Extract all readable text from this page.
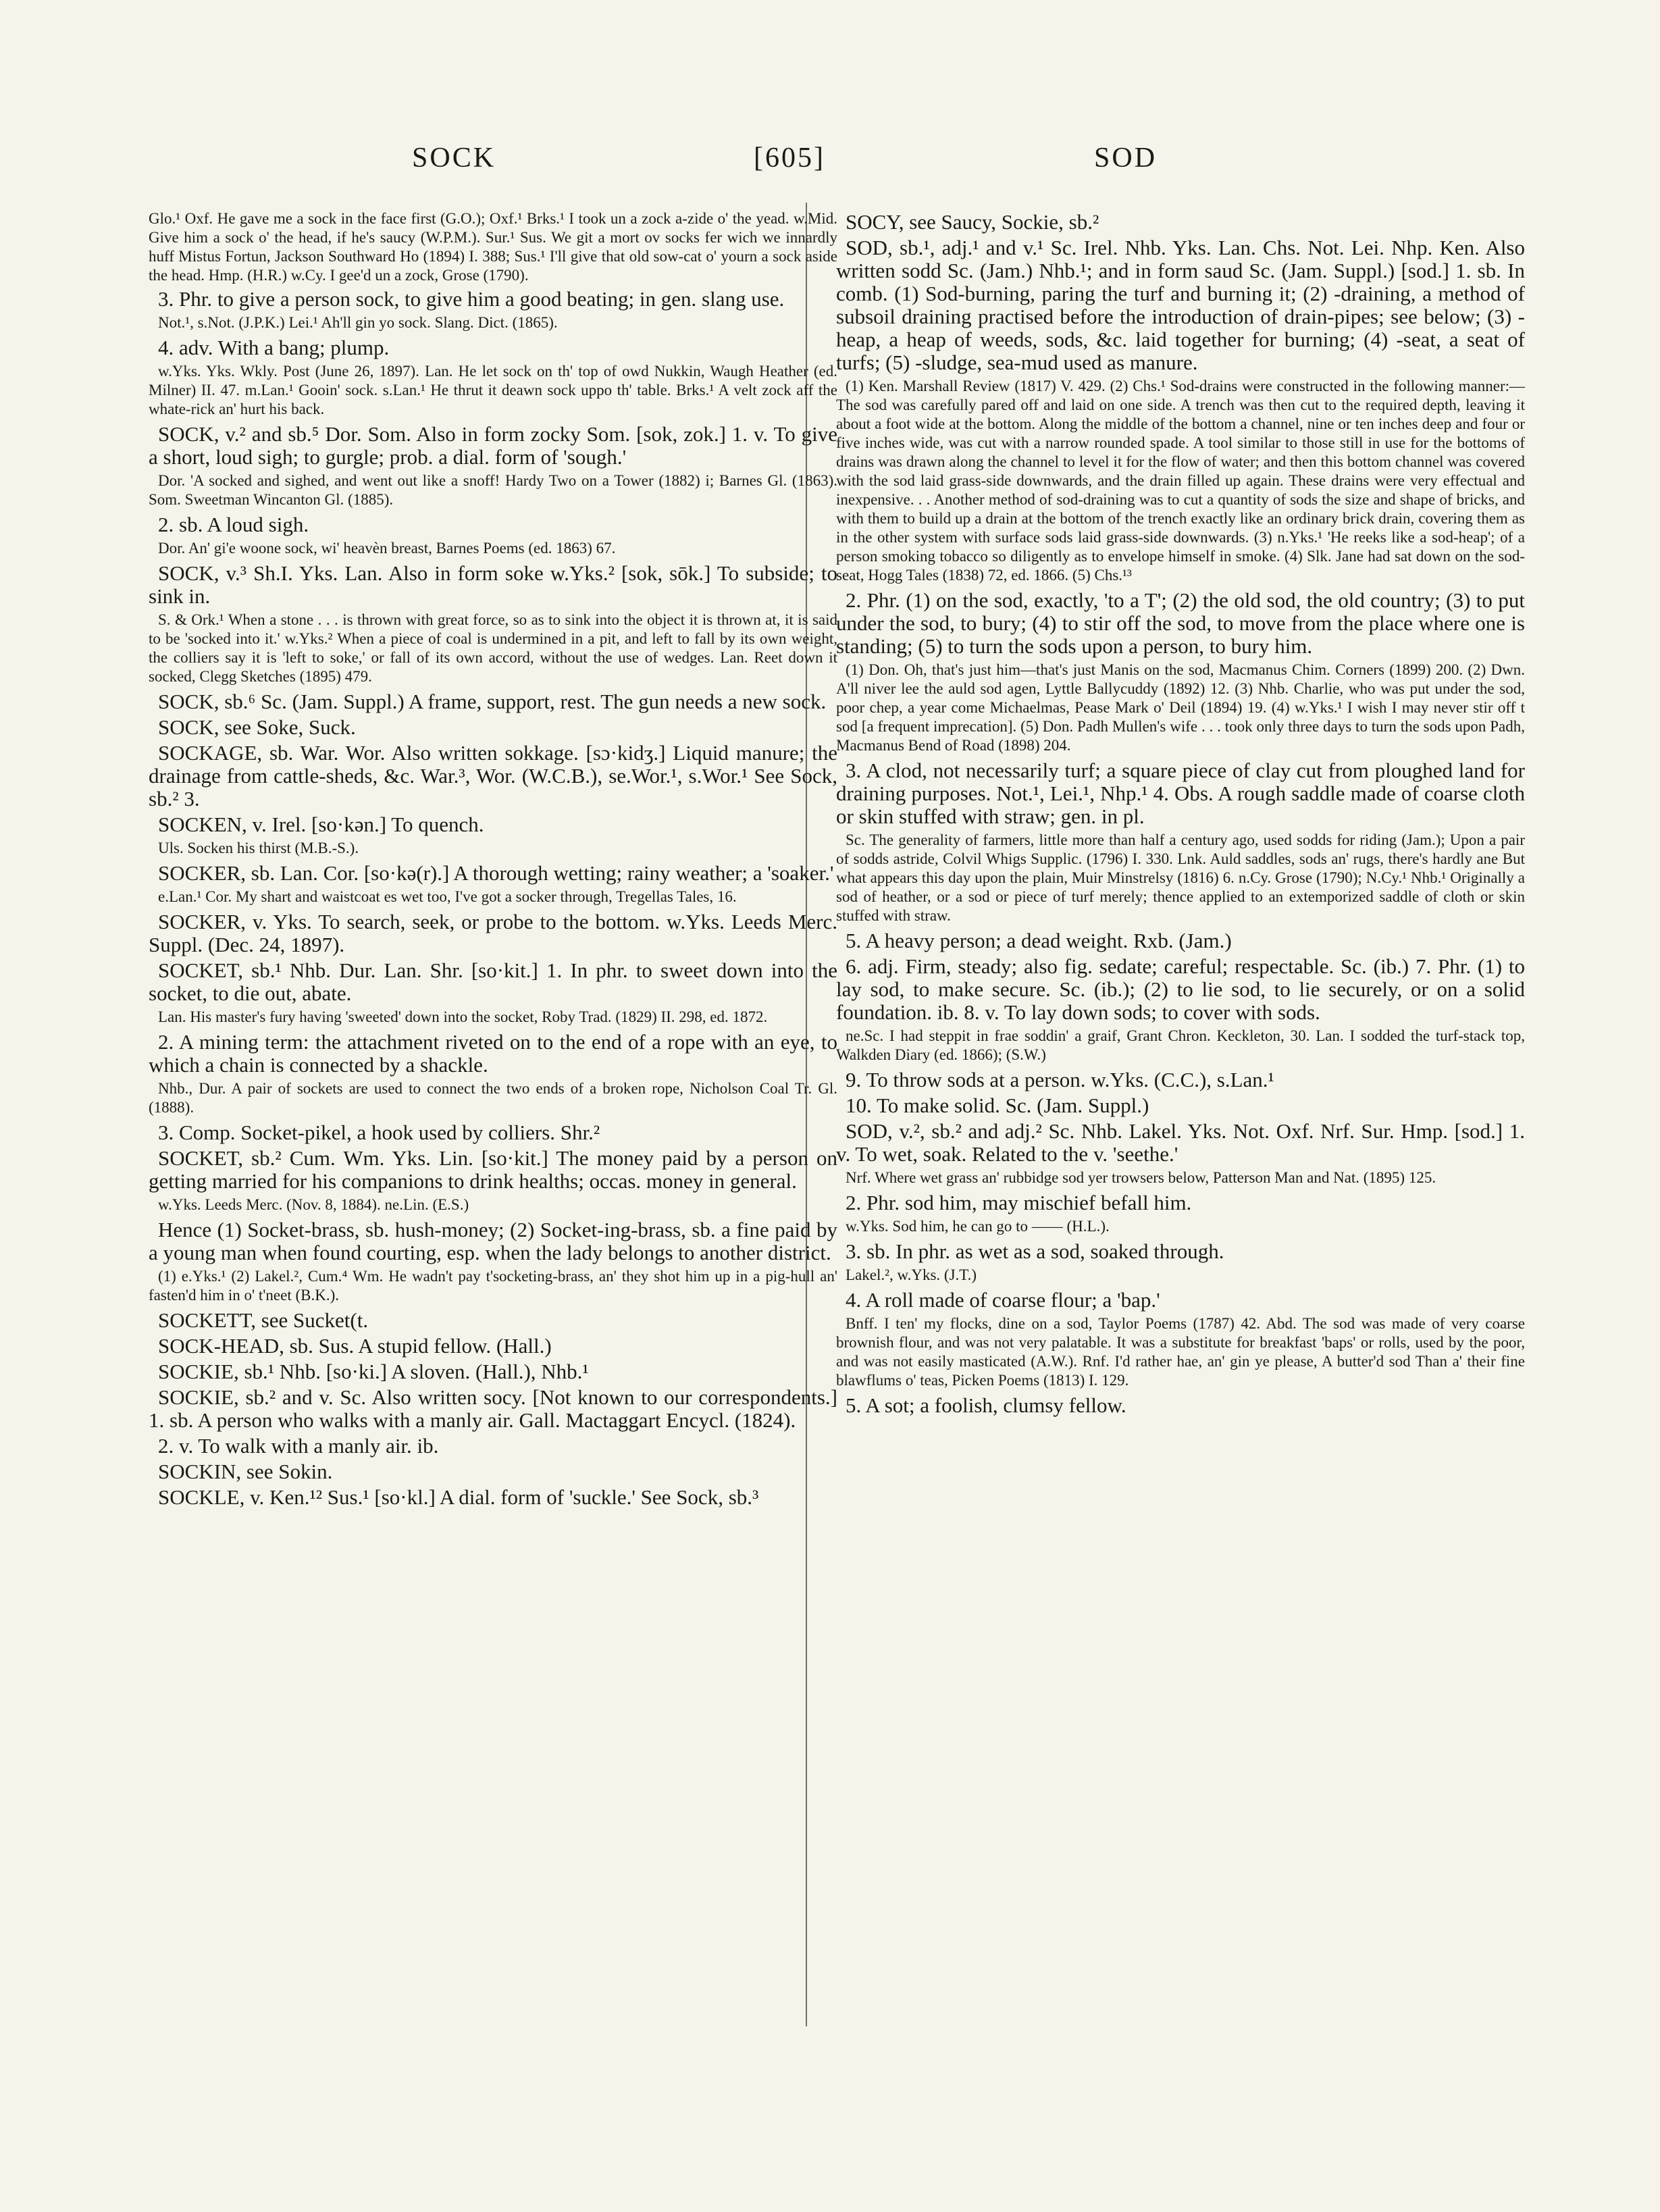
SOCK	[605]	SOD

Glo.¹ Oxf. He gave me a sock in the face first (G.O.); Oxf.¹ Brks.¹ I took un a zock a-zide o' the yead. w.Mid. Give him a sock o' the head, if he's saucy (W.P.M.). Sur.¹ Sus. We git a mort ov socks fer wich we innardly huff Mistus Fortun, Jackson Southward Ho (1894) I. 388; Sus.¹ I'll give that old sow-cat o' yourn a sock aside the head. Hmp. (H.R.) w.Cy. I gee'd un a zock, Grose (1790).

3. Phr. to give a person sock, to give him a good beating; in gen. slang use.

Not.¹, s.Not. (J.P.K.) Lei.¹ Ah'll gin yo sock. Slang. Dict. (1865).

4. adv. With a bang; plump.

w.Yks. Yks. Wkly. Post (June 26, 1897). Lan. He let sock on th' top of owd Nukkin, Waugh Heather (ed. Milner) II. 47. m.Lan.¹ Gooin' sock. s.Lan.¹ He thrut it deawn sock uppo th' table. Brks.¹ A velt zock aff the whate-rick an' hurt his back.

SOCK, v.² and sb.⁵ Dor. Som. Also in form zocky Som. [sok, zok.] 1. v. To give a short, loud sigh; to gurgle; prob. a dial. form of 'sough.'

Dor. 'A socked and sighed, and went out like a snoff! Hardy Two on a Tower (1882) i; Barnes Gl. (1863). Som. Sweetman Wincanton Gl. (1885).

2. sb. A loud sigh.

Dor. An' gi'e woone sock, wi' heavèn breast, Barnes Poems (ed. 1863) 67.

SOCK, v.³ Sh.I. Yks. Lan. Also in form soke w.Yks.² [sok, sōk.] To subside; to sink in.

S. & Ork.¹ When a stone . . . is thrown with great force, so as to sink into the object it is thrown at, it is said to be 'socked into it.' w.Yks.² When a piece of coal is undermined in a pit, and left to fall by its own weight, the colliers say it is 'left to soke,' or fall of its own accord, without the use of wedges. Lan. Reet down it socked, Clegg Sketches (1895) 479.

SOCK, sb.⁶ Sc. (Jam. Suppl.) A frame, support, rest. The gun needs a new sock.

SOCK, see Soke, Suck.

SOCKAGE, sb. War. Wor. Also written sokkage. [sɔ·kidʒ.] Liquid manure; the drainage from cattle-sheds, &c. War.³, Wor. (W.C.B.), se.Wor.¹, s.Wor.¹ See Sock, sb.² 3.

SOCKEN, v. Irel. [so·kən.] To quench.

Uls. Socken his thirst (M.B.-S.).

SOCKER, sb. Lan. Cor. [so·kə(r).] A thorough wetting; rainy weather; a 'soaker.'

e.Lan.¹ Cor. My shart and waistcoat es wet too, I've got a socker through, Tregellas Tales, 16.

SOCKER, v. Yks. To search, seek, or probe to the bottom. w.Yks. Leeds Merc. Suppl. (Dec. 24, 1897).

SOCKET, sb.¹ Nhb. Dur. Lan. Shr. [so·kit.] 1. In phr. to sweet down into the socket, to die out, abate.

Lan. His master's fury having 'sweeted' down into the socket, Roby Trad. (1829) II. 298, ed. 1872.

2. A mining term: the attachment riveted on to the end of a rope with an eye, to which a chain is connected by a shackle.

Nhb., Dur. A pair of sockets are used to connect the two ends of a broken rope, Nicholson Coal Tr. Gl. (1888).

3. Comp. Socket-pikel, a hook used by colliers. Shr.²

SOCKET, sb.² Cum. Wm. Yks. Lin. [so·kit.] The money paid by a person on getting married for his companions to drink healths; occas. money in general.

w.Yks. Leeds Merc. (Nov. 8, 1884). ne.Lin. (E.S.)

Hence (1) Socket-brass, sb. hush-money; (2) Socket-ing-brass, sb. a fine paid by a young man when found courting, esp. when the lady belongs to another district.

(1) e.Yks.¹ (2) Lakel.², Cum.⁴ Wm. He wadn't pay t'socketing-brass, an' they shot him up in a pig-hull an' fasten'd him in o' t'neet (B.K.).

SOCKETT, see Sucket(t.

SOCK-HEAD, sb. Sus. A stupid fellow. (Hall.)

SOCKIE, sb.¹ Nhb. [so·ki.] A sloven. (Hall.), Nhb.¹

SOCKIE, sb.² and v. Sc. Also written socy. [Not known to our correspondents.] 1. sb. A person who walks with a manly air. Gall. Mactaggart Encycl. (1824).

2. v. To walk with a manly air. ib.

SOCKIN, see Sokin.

SOCKLE, v. Ken.¹² Sus.¹ [so·kl.] A dial. form of 'suckle.' See Sock, sb.³

SOCY, see Saucy, Sockie, sb.²

SOD, sb.¹, adj.¹ and v.¹ Sc. Irel. Nhb. Yks. Lan. Chs. Not. Lei. Nhp. Ken. Also written sodd Sc. (Jam.) Nhb.¹; and in form saud Sc. (Jam. Suppl.) [sod.] 1. sb. In comb. (1) Sod-burning, paring the turf and burning it; (2) -draining, a method of subsoil draining practised before the introduction of drain-pipes; see below; (3) -heap, a heap of weeds, sods, &c. laid together for burning; (4) -seat, a seat of turfs; (5) -sludge, sea-mud used as manure.

(1) Ken. Marshall Review (1817) V. 429. (2) Chs.¹ Sod-drains were constructed in the following manner:—The sod was carefully pared off and laid on one side. A trench was then cut to the required depth, leaving it about a foot wide at the bottom. Along the middle of the bottom a channel, nine or ten inches deep and four or five inches wide, was cut with a narrow rounded spade. A tool similar to those still in use for the bottoms of drains was drawn along the channel to level it for the flow of water; and then this bottom channel was covered with the sod laid grass-side downwards, and the drain filled up again. These drains were very effectual and inexpensive. . . Another method of sod-draining was to cut a quantity of sods the size and shape of bricks, and with them to build up a drain at the bottom of the trench exactly like an ordinary brick drain, covering them as in the other system with surface sods laid grass-side downwards. (3) n.Yks.¹ 'He reeks like a sod-heap'; of a person smoking tobacco so diligently as to envelope himself in smoke. (4) Slk. Jane had sat down on the sod-seat, Hogg Tales (1838) 72, ed. 1866. (5) Chs.¹³

2. Phr. (1) on the sod, exactly, 'to a T'; (2) the old sod, the old country; (3) to put under the sod, to bury; (4) to stir off the sod, to move from the place where one is standing; (5) to turn the sods upon a person, to bury him.

(1) Don. Oh, that's just him—that's just Manis on the sod, Macmanus Chim. Corners (1899) 200. (2) Dwn. A'll niver lee the auld sod agen, Lyttle Ballycuddy (1892) 12. (3) Nhb. Charlie, who was put under the sod, poor chep, a year come Michaelmas, Pease Mark o' Deil (1894) 19. (4) w.Yks.¹ I wish I may never stir off t sod [a frequent imprecation]. (5) Don. Padh Mullen's wife . . . took only three days to turn the sods upon Padh, Macmanus Bend of Road (1898) 204.

3. A clod, not necessarily turf; a square piece of clay cut from ploughed land for draining purposes. Not.¹, Lei.¹, Nhp.¹ 4. Obs. A rough saddle made of coarse cloth or skin stuffed with straw; gen. in pl.

Sc. The generality of farmers, little more than half a century ago, used sodds for riding (Jam.); Upon a pair of sodds astride, Colvil Whigs Supplic. (1796) I. 330. Lnk. Auld saddles, sods an' rugs, there's hardly ane But what appears this day upon the plain, Muir Minstrelsy (1816) 6. n.Cy. Grose (1790); N.Cy.¹ Nhb.¹ Originally a sod of heather, or a sod or piece of turf merely; thence applied to an extemporized saddle of cloth or skin stuffed with straw.

5. A heavy person; a dead weight. Rxb. (Jam.)

6. adj. Firm, steady; also fig. sedate; careful; respectable. Sc. (ib.) 7. Phr. (1) to lay sod, to make secure. Sc. (ib.); (2) to lie sod, to lie securely, or on a solid foundation. ib. 8. v. To lay down sods; to cover with sods.

ne.Sc. I had steppit in frae soddin' a graif, Grant Chron. Keckleton, 30. Lan. I sodded the turf-stack top, Walkden Diary (ed. 1866); (S.W.)

9. To throw sods at a person. w.Yks. (C.C.), s.Lan.¹

10. To make solid. Sc. (Jam. Suppl.)

SOD, v.², sb.² and adj.² Sc. Nhb. Lakel. Yks. Not. Oxf. Nrf. Sur. Hmp. [sod.] 1. v. To wet, soak. Related to the v. 'seethe.'

Nrf. Where wet grass an' rubbidge sod yer trowsers below, Patterson Man and Nat. (1895) 125.

2. Phr. sod him, may mischief befall him.

w.Yks. Sod him, he can go to —— (H.L.).

3. sb. In phr. as wet as a sod, soaked through.

Lakel.², w.Yks. (J.T.)

4. A roll made of coarse flour; a 'bap.'

Bnff. I ten' my flocks, dine on a sod, Taylor Poems (1787) 42. Abd. The sod was made of very coarse brownish flour, and was not very palatable. It was a substitute for breakfast 'baps' or rolls, used by the poor, and was not easily masticated (A.W.). Rnf. I'd rather hae, an' gin ye please, A butter'd sod Than a' their fine blawflums o' teas, Picken Poems (1813) I. 129.

5. A sot; a foolish, clumsy fellow.
